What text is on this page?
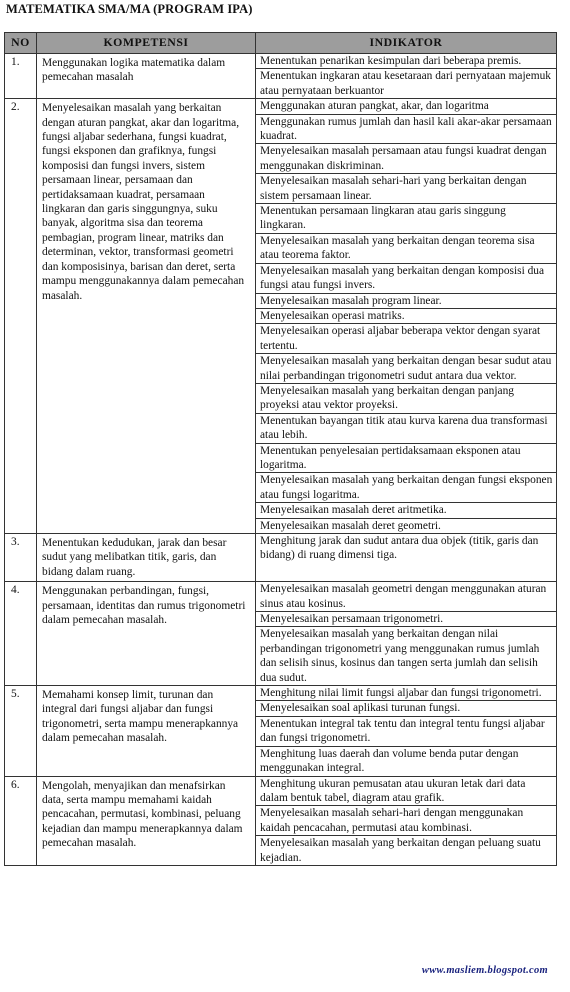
MATEMATIKA SMA/MA (PROGRAM IPA)
NO	KOMPETENSI	INDIKATOR
1.	Menggunakan logika matematika dalam pemecahan masalah	Menentukan penarikan kesimpulan dari beberapa premis.
		Menentukan ingkaran atau kesetaraan dari pernyataan majemuk atau pernyataan berkuantor
2.	Menyelesaikan masalah yang berkaitan dengan aturan pangkat, akar dan logaritma, fungsi aljabar sederhana, fungsi kuadrat, fungsi eksponen dan grafiknya, fungsi komposisi dan fungsi invers, sistem persamaan linear, persamaan dan pertidaksamaan kuadrat, persamaan lingkaran dan garis singgungnya, suku banyak, algoritma sisa dan teorema pembagian, program linear, matriks dan determinan, vektor, transformasi geometri dan komposisinya, barisan dan deret, serta mampu menggunakannya dalam pemecahan masalah.	Menggunakan aturan pangkat, akar, dan logaritma
		Menggunakan rumus jumlah dan hasil kali akar-akar persamaan kuadrat.
		Menyelesaikan masalah persamaan atau fungsi kuadrat dengan menggunakan diskriminan.
		Menyelesaikan masalah sehari-hari yang berkaitan dengan sistem persamaan linear.
		Menentukan persamaan lingkaran atau garis singgung lingkaran.
		Menyelesaikan masalah yang berkaitan dengan teorema sisa atau teorema faktor.
		Menyelesaikan masalah yang berkaitan dengan komposisi dua fungsi atau fungsi invers.
		Menyelesaikan masalah program linear.
		Menyelesaikan operasi matriks.
		Menyelesaikan operasi aljabar beberapa vektor dengan syarat tertentu.
		Menyelesaikan masalah yang berkaitan dengan besar sudut atau nilai perbandingan trigonometri sudut antara dua vektor.
		Menyelesaikan masalah yang berkaitan dengan panjang proyeksi atau vektor proyeksi.
		Menentukan bayangan titik atau kurva karena dua transformasi atau lebih.
		Menentukan penyelesaian pertidaksamaan eksponen atau logaritma.
		Menyelesaikan masalah yang berkaitan dengan fungsi eksponen atau fungsi logaritma.
		Menyelesaikan masalah deret aritmetika.
		Menyelesaikan masalah deret geometri.
3.	Menentukan kedudukan, jarak dan besar sudut yang melibatkan titik, garis, dan bidang dalam ruang.	Menghitung jarak dan sudut antara dua objek (titik, garis dan bidang) di ruang dimensi tiga.
4.	Menggunakan perbandingan, fungsi, persamaan, identitas dan rumus trigonometri dalam pemecahan masalah.	Menyelesaikan masalah geometri dengan menggunakan aturan sinus atau kosinus.
		Menyelesaikan persamaan trigonometri.
		Menyelesaikan masalah yang berkaitan dengan nilai perbandingan trigonometri yang menggunakan rumus jumlah dan selisih sinus, kosinus dan tangen serta jumlah dan selisih dua sudut.
5.	Memahami konsep limit, turunan dan integral dari fungsi aljabar dan fungsi trigonometri, serta mampu menerapkannya dalam pemecahan masalah.	Menghitung nilai limit fungsi aljabar dan fungsi trigonometri.
		Menyelesaikan soal aplikasi turunan fungsi.
		Menentukan integral tak tentu dan integral tentu fungsi aljabar dan fungsi trigonometri.
		Menghitung luas daerah dan volume benda putar dengan menggunakan integral.
6.	Mengolah, menyajikan dan menafsirkan data, serta mampu memahami kaidah pencacahan, permutasi, kombinasi, peluang kejadian dan mampu menerapkannya dalam pemecahan masalah.	Menghitung ukuran pemusatan atau ukuran letak dari data dalam bentuk tabel, diagram atau grafik.
		Menyelesaikan masalah sehari-hari dengan menggunakan kaidah pencacahan, permutasi atau kombinasi.
		Menyelesaikan masalah yang berkaitan dengan peluang suatu kejadian.
www.masliem.blogspot.com
